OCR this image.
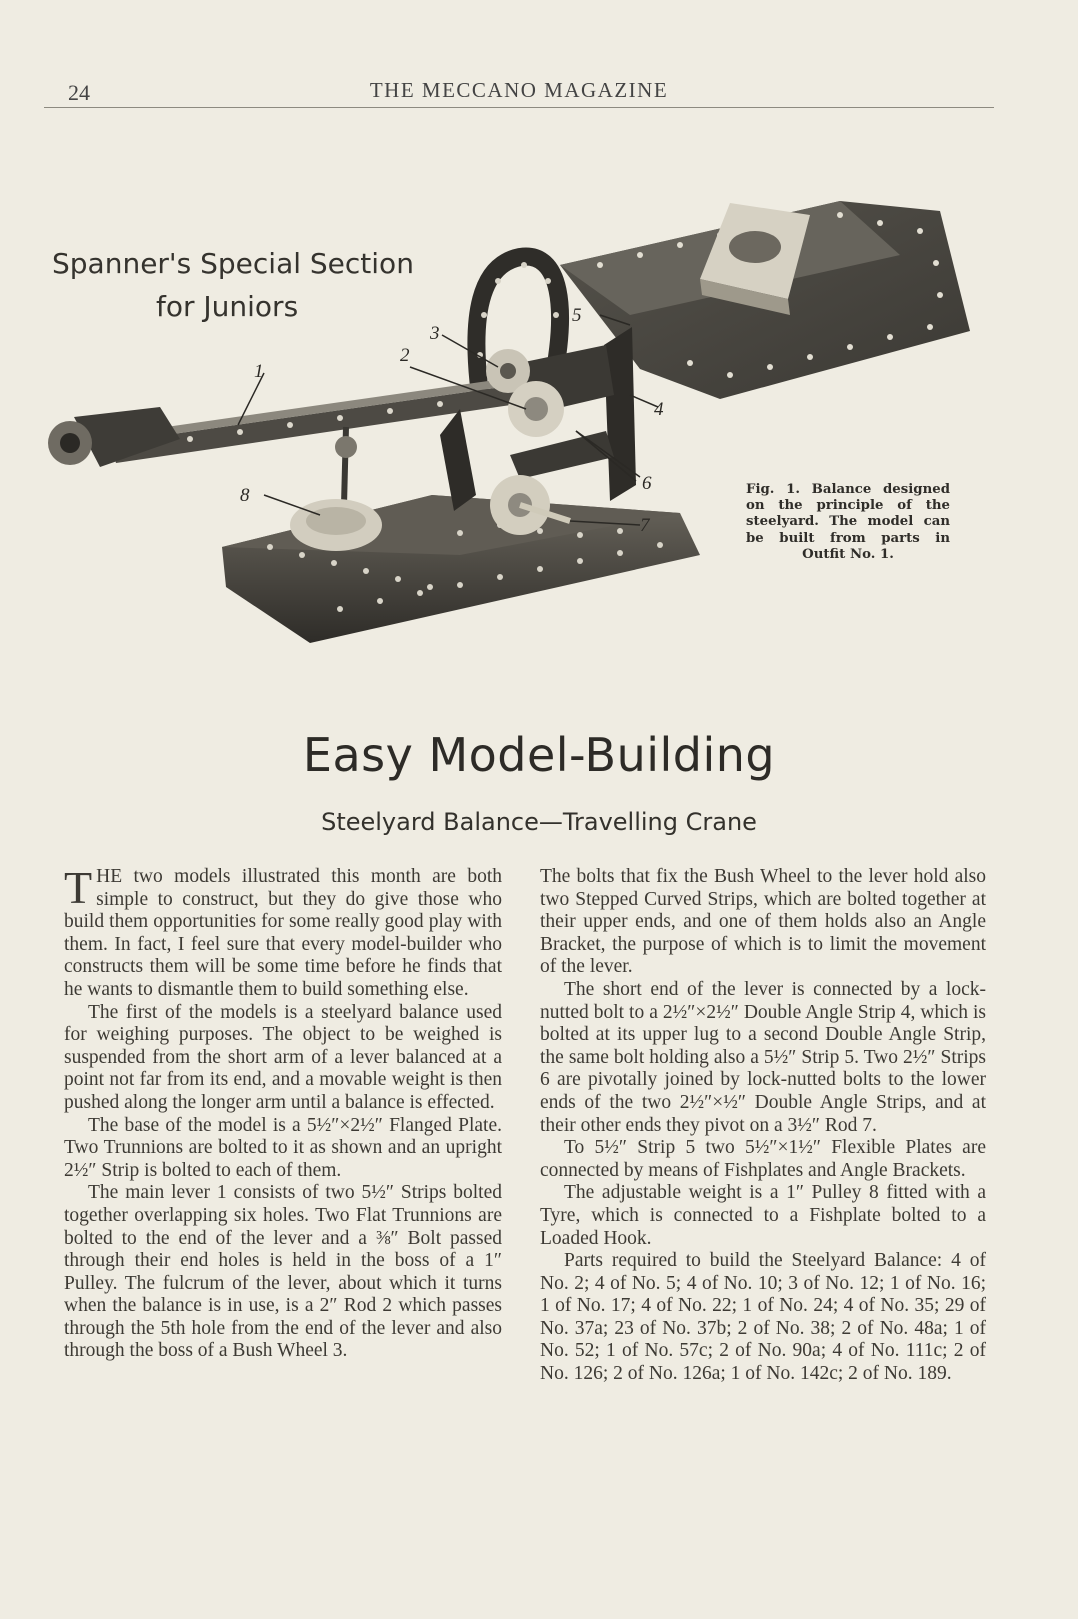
24	THE MECCANO MAGAZINE
1
2
3
4
5
6
7
8
Spanner's Special Section
for Juniors
Fig. 1. Balance designed on the principle of the steelyard. The model can be built from parts in Outfit No. 1.
Easy Model-Building
Steelyard Balance—Travelling Crane

THE two models illustrated this month are both simple to construct, but they do give those who build them opportunities for some really good play with them. In fact, I feel sure that every model-builder who constructs them will be some time before he finds that he wants to dismantle them to build something else.

The first of the models is a steelyard balance used for weighing purposes. The object to be weighed is suspended from the short arm of a lever balanced at a point not far from its end, and a movable weight is then pushed along the longer arm until a balance is effected.

The base of the model is a 5½″×2½″ Flanged Plate. Two Trunnions are bolted to it as shown and an upright 2½″ Strip is bolted to each of them.

The main lever 1 consists of two 5½″ Strips bolted together overlapping six holes. Two Flat Trunnions are bolted to the end of the lever and a ⅜″ Bolt passed through their end holes is held in the boss of a 1″ Pulley. The fulcrum of the lever, about which it turns when the balance is in use, is a 2″ Rod 2 which passes through the 5th hole from the end of the lever and also through the boss of a Bush Wheel 3.

The bolts that fix the Bush Wheel to the lever hold also two Stepped Curved Strips, which are bolted together at their upper ends, and one of them holds also an Angle Bracket, the purpose of which is to limit the movement of the lever.

The short end of the lever is connected by a lock-nutted bolt to a 2½″×2½″ Double Angle Strip 4, which is bolted at its upper lug to a second Double Angle Strip, the same bolt holding also a 5½″ Strip 5. Two 2½″ Strips 6 are pivotally joined by lock-nutted bolts to the lower ends of the two 2½″×½″ Double Angle Strips, and at their other ends they pivot on a 3½″ Rod 7.

To 5½″ Strip 5 two 5½″×1½″ Flexible Plates are connected by means of Fishplates and Angle Brackets.

The adjustable weight is a 1″ Pulley 8 fitted with a Tyre, which is connected to a Fishplate bolted to a Loaded Hook.

Parts required to build the Steelyard Balance: 4 of No. 2; 4 of No. 5; 4 of No. 10; 3 of No. 12; 1 of No. 16; 1 of No. 17; 4 of No. 22; 1 of No. 24; 4 of No. 35; 29 of No. 37a; 23 of No. 37b; 2 of No. 38; 2 of No. 48a; 1 of No. 52; 1 of No. 57c; 2 of No. 90a; 4 of No. 111c; 2 of No. 126; 2 of No. 126a; 1 of No. 142c; 2 of No. 189.
